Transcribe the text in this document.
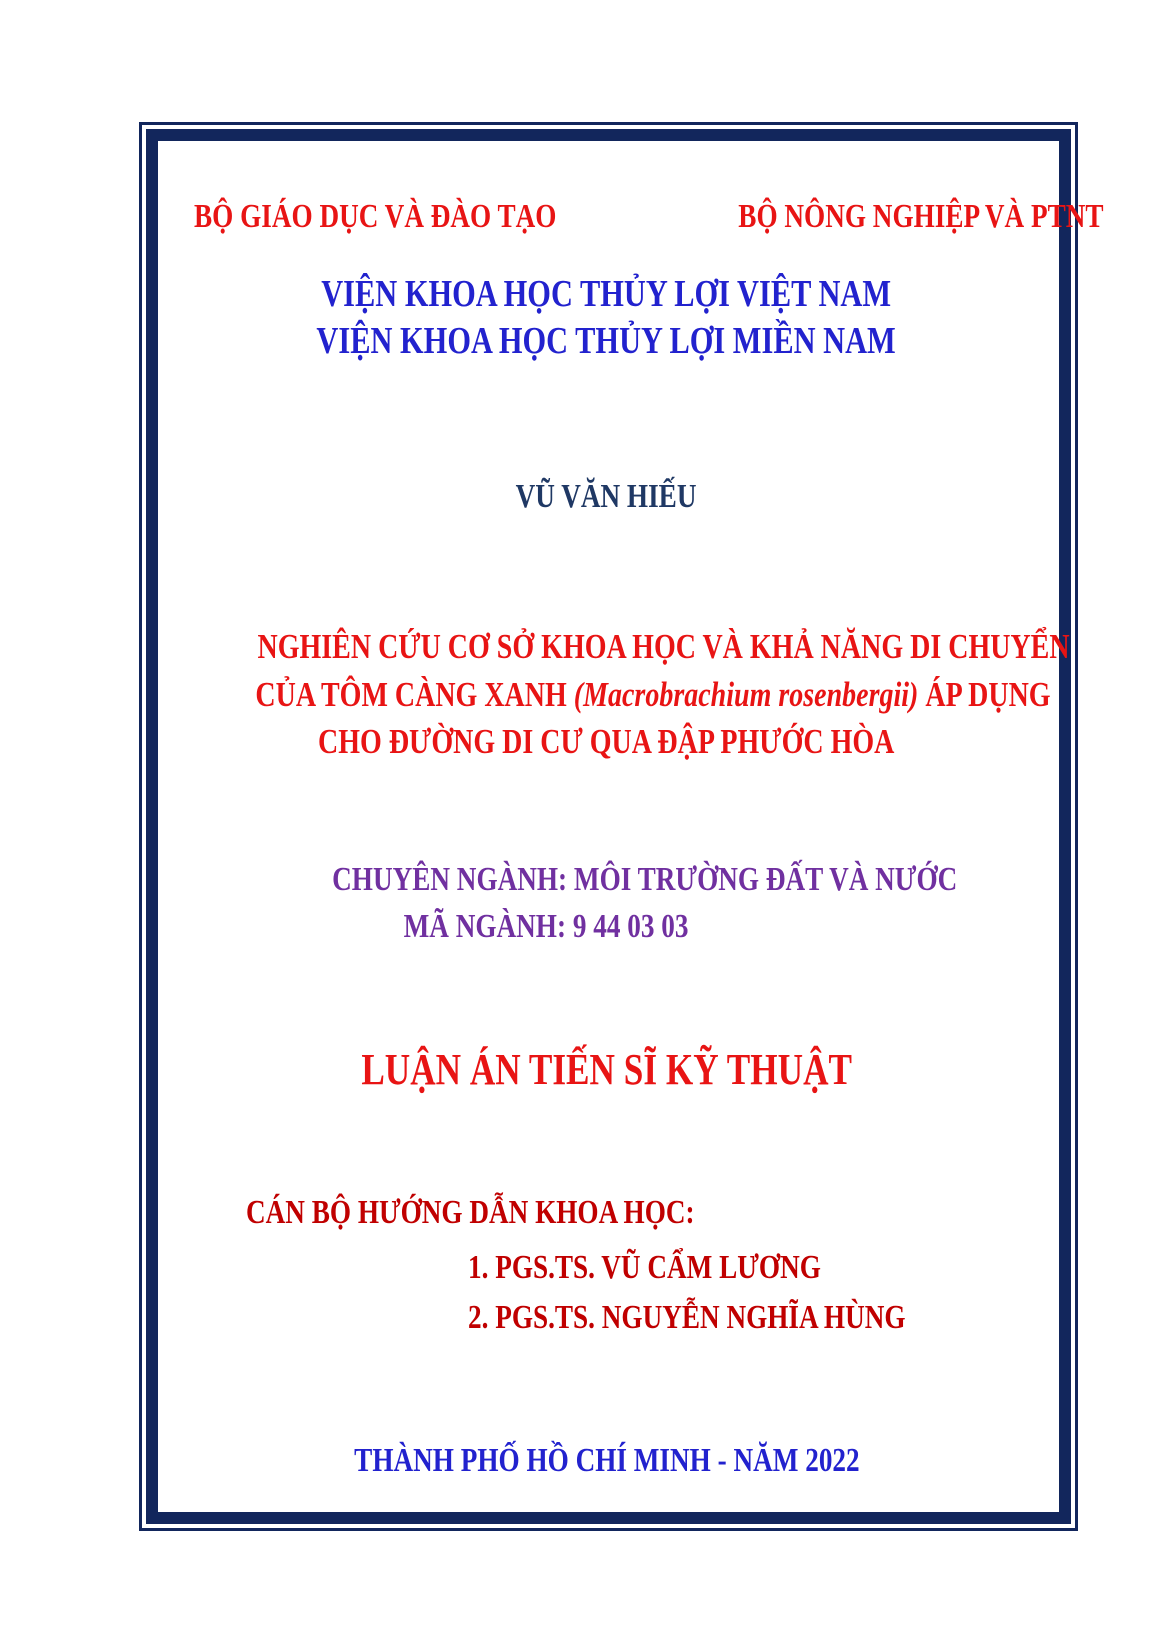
BỘ GIÁO DỤC VÀ ĐÀO TẠO	BỘ NÔNG NGHIỆP VÀ PTNT
VIỆN KHOA HỌC THỦY LỢI VIỆT NAM
VIỆN KHOA HỌC THỦY LỢI MIỀN NAM
VŨ VĂN HIẾU
NGHIÊN CỨU CƠ SỞ KHOA HỌC VÀ KHẢ NĂNG DI CHUYỂN
CỦA TÔM CÀNG XANH (Macrobrachium rosenbergii) ÁP DỤNG
CHO ĐƯỜNG DI CƯ QUA ĐẬP PHƯỚC HÒA
CHUYÊN NGÀNH: MÔI TRƯỜNG ĐẤT VÀ NƯỚC
MÃ NGÀNH: 9 44 03 03
LUẬN ÁN TIẾN SĨ KỸ THUẬT
CÁN BỘ HƯỚNG DẪN KHOA HỌC:
1. PGS.TS. VŨ CẨM LƯƠNG
2. PGS.TS. NGUYỄN NGHĨA HÙNG
THÀNH PHỐ HỒ CHÍ MINH - NĂM 2022
